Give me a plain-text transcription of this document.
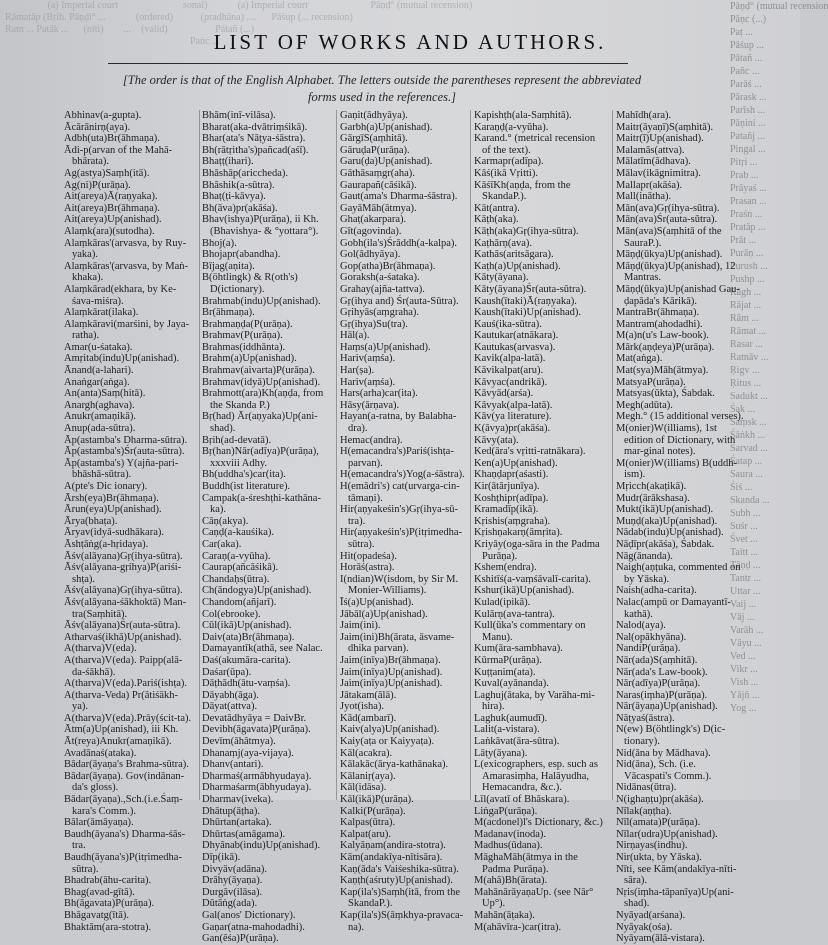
(a) Imperial court                          sonal)            (a) Imperial court                         Pāṇḍ° (mutual recension)
Rāmatāp (Bṛih. Pāṇḍi° ...            (ordered)           (pradhāna) ....      Pāśup (... recension)
Ratn ... Patāk ...      (nīti)        ...    (valid)                   Pātañ (...)
Paṅc ...

Pāṇḍ° (mutual recension
Pāṇc (...)
Paṭ ...
Pāśup ...
Pātañ ...
Pañc ...
Parāś ...
Pārask ...
Parīsh ...
Pāṇini ...
Patañj ...
Pingal ...
Pitṛi ...
Prab ...
Prāyaś ...
Prasan ...
Praśn ...
Pratāp ...
Prāt ...
Purāṇ ...
Purush ...
Pushp ...
Rāgh ...
Rājat ...
Rām ...
Rāmat ...
Rasar ...
Ratnāv ...
Ṛigv ...
Ṛitus ...
Sadukt ...
Śak ...
Saṃsk ...
Śāṅkh ...
Sarvad ...
Śatap ...
Saura ...
Śiś ...
Skanda ...
Subh ...
Suśr ...
Śvet ...
Taitt ...
Tāṇḍ ...
Tantr ...
Uttar ...
Vaij ...
Vāj ...
Varāh ...
Vāyu ...
Ved ...
Vikr ...
Vish ...
Yājñ ...
Yog ...
LIST OF WORKS AND AUTHORS.
[The order is that of the English Alphabet. The letters outside the parentheses represent the abbreviated forms used in the references.]

Abhinav(a-gupta).

Ācārānirṇ(aya).

Adbh(uta)Br(āhmaṇa).

Ādi-p(arvan of the Mahā-bhārata).

Ag(astya)Saṃh(itā).

Ag(ni)P(urāṇa).

Ait(areya)Ā(raṇyaka).

Ait(areya)Br(āhmaṇa).

Ait(areya)Up(anishad).

Alaṃk(ara)(sutodha).

Alaṃkāras'(arvasva, by Ruy-yaka).

Alaṃkāras'(arvasva, by Maṅ-khaka).

Alaṃkārad(ekhara, by Ke-śava-miśra).

Alaṃkārat(ilaka).

Alaṃkāravi(marśini, by Jaya-ratha).

Amar(u-śataka).

Amṛitab(indu)Up(anishad).

Ānand(a-lahari).

Anaṅgar(aṅga).

An(anta)Saṃ(hitā).

Anargh(aghava).

Anukr(amaṇikā).

Anup(ada-sūtra).

Āp(astamba's Dharma-sūtra).

Āp(astamba's)Śr(auta-sūtra).

Āp(astamba's) Y(ajña-pari-bhāshā-sūtra).

A(pte's Dic ionary).

Ārsh(eya)Br(āhmaṇa).

Ārun(eya)Up(anishad).

Ārya(bhaṭa).

Āryav(idyā-sudhākara).

Āshṭāṅg(a-hṛidaya).

Āśv(alāyana)Gṛ(ihya-sūtra).

Āśv(alāyana-gṛihya)P(ariśi-shṭa).

Āśv(alāyana)Gṛ(ihya-sūtra).

Āśv(alāyana-śākhoktā) Man-tra(Saṃhitā).

Āśv(alāyana)Śr(auta-sūtra).

Atharvaś(ikhā)Up(anishad).

A(tharva)V(eda).

A(tharva)V(eda). Paipp(alā-da-śākhā).

A(tharva)V(eda).Pariś(ishṭa).

A(tharva-Veda) Pr(ātiśākh-ya).

A(tharva)V(eda).Prāy(ścit-ta).

Ātm(a)Up(anishad), iii Kh.

Āt(reya)Anukr(amaṇikā).

Avadānaś(ataka).

Bādar(āyaṇa's Brahma-sūtra).

Bādar(āyaṇa). Gov(indānan-da's gloss).

Bādar(āyaṇa).,Sch.(i.e.Śaṃ-kara's Comm.).

Bālar(āmāyaṇa).

Baudh(āyana's) Dharma-śās-tra.

Baudh(āyana's)P(itṛimedha-sūtra).

Bhadrab(āhu-carita).

Bhag(avad-gītā).

Bh(āgavata)P(urāṇa).

Bhāgavatg(ītā).

Bhaktām(ara-stotra).

Bhām(inī-vilāsa).

Bharat(aka-dvātriṃśikā).

Bhar(ata's Nāṭya-śāstra).

Bh(rātṛitha's)pañcad(aśī).

Bhaṭṭ(ihari).

Bhāshāp(ariccheda).

Bhāshik(a-sūtra).

Bhaṭ(ṭi-kāvya).

Bh(āva)pr(akāśa).

Bhav(ishya)P(urāṇa), ii Kh. (Bhavishya- & °yottara°).

Bhoj(a).

Bhojapr(abandha).

Bījag(aṇita).

B(öhtlingk) & R(oth's) D(ictionary).

Brahmab(indu)Up(anishad).

Br(āhmaṇa).

Brahmaṇḍa(P(urāṇa).

Brahmav(P(urāṇa).

Brahmas(iddhānta).

Brahm(a)Up(anishad).

Brahmav(aivarta)P(urāṇa).

Brahmav(idyā)Up(anishad).

Brahmott(ara)Kh(aṇḍa, from the Skanda P.)

Bṛ(had) Ār(aṇyaka)Up(ani-shad).

Bṛih(ad-devatā).

Bṛ(han)Nār(adīya)P(urāṇa), xxxviii Adhy.

Bh(uddha's)car(ita).

Buddh(ist literature).

Campak(a-śreshṭhi-kathāna-ka).

Cāṇ(akya).

Caṇḍ(a-kauśika).

Car(aka).

Caraṇ(a-vyūha).

Caurap(añcāśikā).

Chandaḥs(ūtra).

Ch(āndogya)Up(anishad).

Chandom(añjarī).

Col(ebrooke).

Cūl(ikā)Up(anishad).

Daiv(ata)Br(āhmaṇa).

Damayantīk(athā, see Nalac.

Daś(akumāra-carita).

Daśar(ūpa).

Dāṭhādh(ātu-vaṃśa).

Dāyabh(āga).

Dāyat(attva).

Devatādhyāya = DaivBr.

Devibh(āgavata)P(urāṇa).

Devīm(āhātmya).

Dhanaṃj(aya-vijaya).

Dhanv(antari).

Dharmaś(armābhyudaya).

Dharmaśarm(ābhyudaya).

Dharmav(iveka).

Dhātup(āṭha).

Dhūrtan(artaka).

Dhūrtas(amāgama).

Dhyānab(indu)Up(anishad).

Dīp(ikā).

Divyāv(adāna).

Drāhy(āyaṇa).

Durgāv(ilāsa).

Dūtāṅg(ada).

Gal(anos' Dictionary).

Gaṇar(atna-mahodadhi).

Gan(ēśa)P(urāṇa).

Gaṇit(ādhyāya).

Garbh(a)Up(anishad).

GārgīS(aṃhitā).

GāruḍaP(urāṇa).

Garu(ḍa)Up(anishad).

Gāthāsaṃgr(aha).

Gaurapañ(cāśikā).

Gaut(ama's Dharma-śāstra).

GayāMāh(ātmya).

Ghaṭ(akarpara).

Gīt(agovinda).

Gobh(ila's)Śrāddh(a-kalpa).

Gol(ādhyāya).

Gop(atha)Br(āhmaṇa).

Goraksh(a-śataka).

Grahay(ajña-tattva).

Gṛ(ihya and) Śr(auta-Sūtra).

Gṛihyās(aṃgraha).

Gṛ(ihya)Su(tra).

Hāl(a).

Haṃs(a)Up(anishad).

Hariv(aṃśa).

Har(ṣa).

Hariv(aṃśa).

Hars(arha)car(ita).

Hāsy(ārṇava).

Hayan(a-ratna, by Balabha-dra).

Hemac(andra).

H(emacandra's)Pariś(ishṭa-parvan).

H(emacandra's)Yog(a-śāstra).

H(emādri's) cat(urvarga-cin-tāmaṇi).

Hir(aṇyakeśin's)Gṛ(ihya-sū-tra).

Hir(aṇyakeśin's)P(itṛimedha-sūtra).

Hit(opadeśa).

Horāś(astra).

I(ndian)W(isdom, by Sir M. Monier-Williams).

Īś(a)Up(anishad).

Jābāl(a)Up(anishad).

Jaim(ini).

Jaim(ini)Bh(ārata, āsvame-dhika parvan).

Jaim(inīya)Br(āhmaṇa).

Jaim(inīya)Up(anishad).

Jaim(inīya)Up(anishad).

Jātakam(ālā).

Jyot(isha).

Kād(ambarī).

Kaiv(alya)Up(anishad).

Kaiy(aṭa or Kaiyyaṭa).

Kāl(acakra).

Kālakāc(ārya-kathānaka).

Kālaniṛ(aya).

Kāl(idāsa).

Kāl(ikā)P(urāṇa).

Kalki(P(urāṇa).

Kalpas(ūtra).

Kalpat(aru).

Kalyāṇam(andira-stotra).

Kām(andakīya-nītisāra).

Kaṇ(āda's Vaiśeshika-sūtra).

Kaṇṭh(aśruty)Up(anishad).

Kap(ila's)Saṃh(itā, from the SkandaP.).

Kap(ila's)S(āṃkhya-pravaca-na).

Kapishṭh(ala-Saṃhitā).

Karaṇḍ(a-vyūha).

Karand.° (metrical recension of the text).

Karmapr(adīpa).

Kāś(ikā Vṛitti).

KāśīKh(aṇḍa, from the SkandaP.).

Kāt(antra).

Kāṭh(aka).

Kāṭh(aka)Gṛ(ihya-sūtra).

Kaṭhārṇ(ava).

Kathās(aritsāgara).

Kaṭh(a)Up(anishad).

Kāty(āyana).

Kāty(āyana)Śr(auta-sūtra).

Kaush(ītaki)Ā(raṇyaka).

Kaush(ītaki)Up(anishad).

Kauś(ika-sūtra).

Kautukar(atnākara).

Kautukas(arvasva).

Kavik(alpa-latā).

Kāvikalpat(aru).

Kāvyac(andrikā).

Kāvyād(arśa).

Kāvyak(alpa-latā).

Kāv(ya literature).

K(āvya)pr(akāśa).

Kāvy(ata).

Ked(āra's vṛitti-ratnākara).

Ken(a)Up(anishad).

Khaṇḍapr(aśasti).

Kir(ātārjunīya).

Koshṭhipr(adīpa).

Kramadīp(ikā).

Kṛishis(aṃgraha).

Kṛishṇakarṇ(āmṛita).

Kriyāy(oga-sāra in the Padma Purāṇa).

Kshem(endra).

Kshitīś(a-vaṃśāvalī-carita).

Kshur(ikā)Up(anishad).

Kulad(ipikā).

Kulārṇ(ava-tantra).

Kull(ūka's commentary on Manu).

Kum(āra-sambhava).

KūrmaP(urāṇa).

Kuṭṭanim(ata).

Kuval(ayānanda).

Laghuj(ātaka, by Varāha-mi-hira).

Laghuk(aumudī).

Lalit(a-vistara).

Laṅkāvat(āra-sūtra).

Lāṭy(āyana).

L(exicographers, esp. such as Amarasiṃha, Halāyudha, Hemacandra, &c.).

Līl(avatī of Bhāskara).

LiṅgaP(urāṇa).

M(acdonel)l's Dictionary, &c.)

Madanav(inoda).

Madhus(ūdana).

MāghaMāh(ātmya in the Padma Purāṇa).

M(ahā)Bh(ārata).

MahānārāyaṇaUp. (see Nār° Up°).

Mahān(āṭaka).

M(ahāvīra-)car(itra).

Mahīdh(ara).

Maitr(āyaṇī)S(aṃhitā).

Maitr(ī)Up(anishad).

Malamās(attva).

Mālatīm(ādhava).

Mālav(ikāgnimitra).

Mallapr(akāśa).

Mall(inātha).

Mān(ava)Gṛ(ihya-sūtra).

Mān(ava)Śr(auta-sūtra).

Mān(ava)S(aṃhitā of the SauraP.).

Māṇḍ(ūkya)Up(anishad).

Māṇḍ(ūkya)Up(anishad), 12 Mantras.

Māṇḍ(ūkya)Up(anishad Gau-ḍapāda's Kārikā).

MantraBr(āhmaṇa).

Mantram(ahodadhi).

M(a)n(u's Law-book).

Mārk(aṇḍeya)P(urāṇa).

Mat(aṅga).

Mat(sya)Māh(ātmya).

MatsyaP(urāṇa).

Matsyas(ūkta), Śabdak.

Megh(adūta).

Megh.° (15 additional verses).

M(onier)W(illiams), 1st edition of Dictionary, with mar-ginal notes).

M(onier)W(illiams) B(uddh-ism).

Mṛicch(akaṭikā).

Mudr(ārākshasa).

Mukt(ikā)Up(anishad).

Muṇḍ(aka)Up(anishad).

Nādab(indu)Up(anishad).

Nāḍīpr(akāśa), Śabdak.

Nāg(ānanda).

Naigh(aṇṭuka, commented on by Yāska).

Naish(adha-carita).

Nalac(ampū or Damayantī-kathā).

Nalod(aya).

Nal(opākhyāna).

NandiP(urāṇa).

Nār(ada)S(aṃhitā).

Nār(ada's Law-book).

Nār(adīya)P(urāṇa).

Naras(iṃha)P(urāṇa).

Nār(āyaṇa)Up(anishad).

Nāṭyaś(āstra).

N(ew) B(öhtlingk's) D(ic-tionary).

Nid(āna by Mādhava).

Nid(āna), Sch. (i.e. Vācaspati's Comm.).

Nidānas(ūtra).

N(ighaṇṭu)pr(akāśa).

Nīlak(aṇṭha).

Nīl(amata)P(urāṇa).

Nīlar(udra)Up(anishad).

Nirṇayas(indhu).

Nir(ukta, by Yāska).

Nīti, see Kām(andakīya-nīti-sāra).

Nṛis(iṃha-tāpanīya)Up(ani-shad).

Nyāyad(arśana).

Nyāyak(ośa).

Nyāyam(ālā-vistara).
